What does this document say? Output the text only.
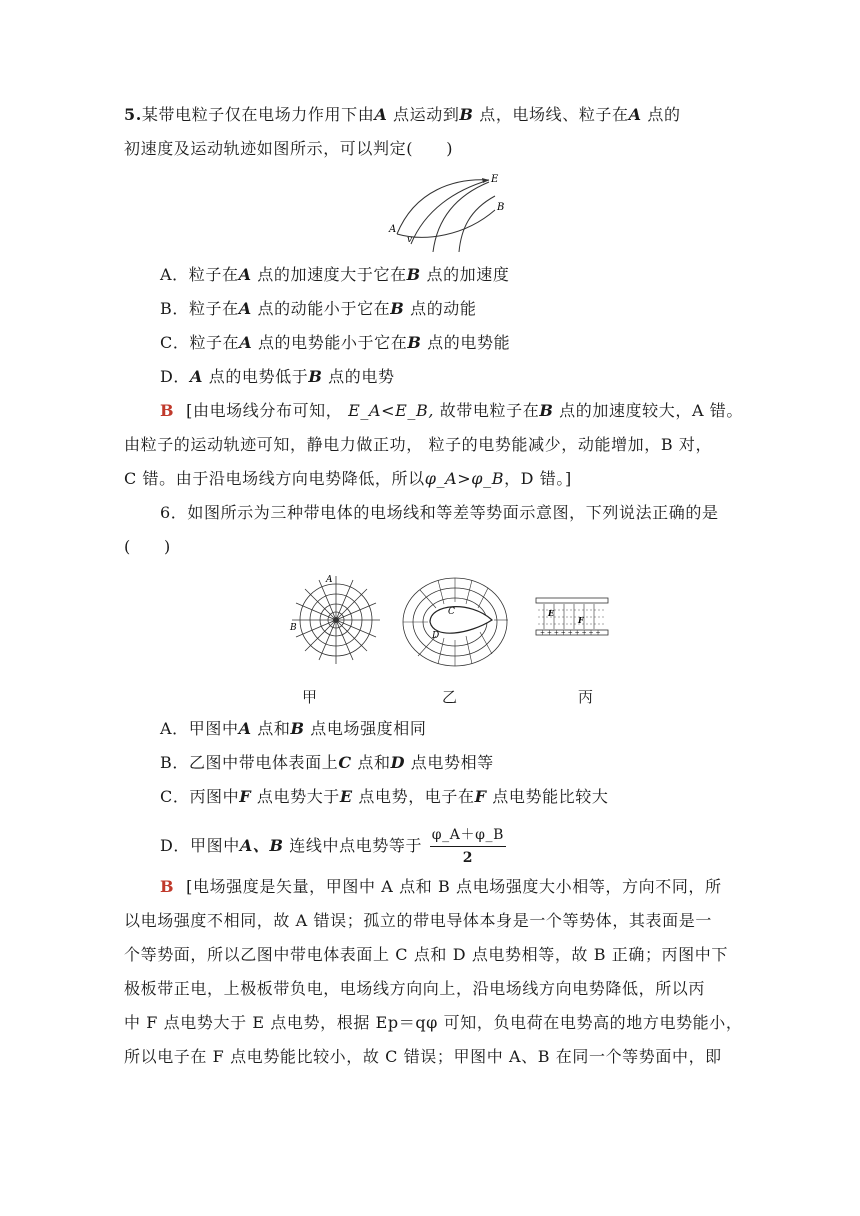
5.某带电粒子仅在电场力作用下由A 点运动到B 点，电场线、粒子在A 点的
初速度及运动轨迹如图所示，可以判定(　　)
E
B
A
v
A．粒子在A 点的加速度大于它在B 点的加速度
B．粒子在A 点的动能小于它在B 点的动能
C．粒子在A 点的电势能小于它在B 点的电势能
D．A 点的电势低于B 点的电势
B [由电场线分布可知， E_A<E_B, 故带电粒子在B 点的加速度较大，A 错。
由粒子的运动轨迹可知，静电力做正功， 粒子的电势能减少，动能增加，B 对，
C 错。由于沿电场线方向电势降低，所以φ_A>φ_B，D 错。]
6．如图所示为三种带电体的电场线和等差等势面示意图，下列说法正确的是
(　　)
A
B
C
D	+ + + + + + + + +
E
F
甲	乙	丙
A．甲图中A 点和B 点电场强度相同
B．乙图中带电体表面上C 点和D 点电势相等
C．丙图中F 点电势大于E 点电势，电子在F 点电势能比较大
D．甲图中A、B 连线中点电势等于 $\frac{\varphi\_A+\varphi\_B}{2}$
B [电场强度是矢量，甲图中 A 点和 B 点电场强度大小相等，方向不同，所
以电场强度不相同，故 A 错误；孤立的带电导体本身是一个等势体，其表面是一
个等势面，所以乙图中带电体表面上 C 点和 D 点电势相等，故 B 正确；丙图中下
极板带正电，上极板带负电，电场线方向向上，沿电场线方向电势降低，所以丙
中 F 点电势大于 E 点电势，根据 Ep＝qφ 可知，负电荷在电势高的地方电势能小，
所以电子在 F 点电势能比较小，故 C 错误；甲图中 A、B 在同一个等势面中，即
